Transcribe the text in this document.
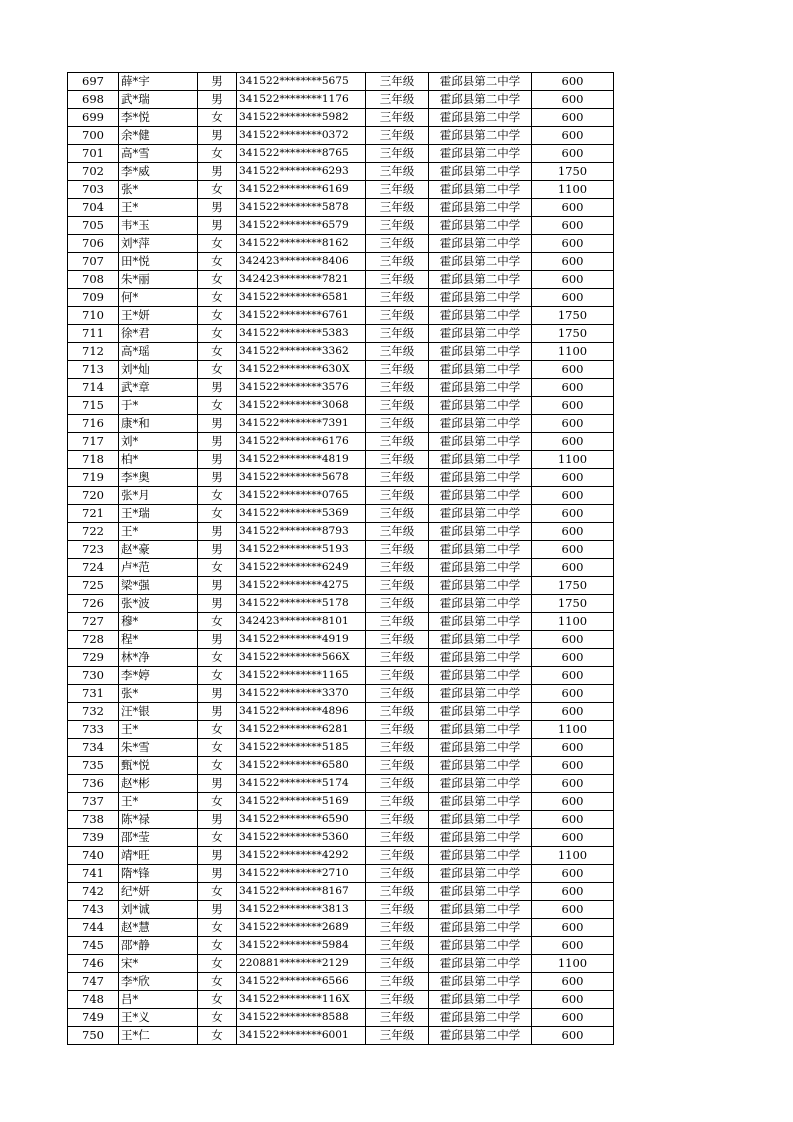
697	薛*宇	男	341522********5675	三年级	霍邱县第二中学	600
698	武*瑞	男	341522********1176	三年级	霍邱县第二中学	600
699	李*悦	女	341522********5982	三年级	霍邱县第二中学	600
700	余*健	男	341522********0372	三年级	霍邱县第二中学	600
701	高*雪	女	341522********8765	三年级	霍邱县第二中学	600
702	李*威	男	341522********6293	三年级	霍邱县第二中学	1750
703	张*	女	341522********6169	三年级	霍邱县第二中学	1100
704	王*	男	341522********5878	三年级	霍邱县第二中学	600
705	韦*玉	男	341522********6579	三年级	霍邱县第二中学	600
706	刘*萍	女	341522********8162	三年级	霍邱县第二中学	600
707	田*悦	女	342423********8406	三年级	霍邱县第二中学	600
708	朱*丽	女	342423********7821	三年级	霍邱县第二中学	600
709	何*	女	341522********6581	三年级	霍邱县第二中学	600
710	王*妍	女	341522********6761	三年级	霍邱县第二中学	1750
711	徐*君	女	341522********5383	三年级	霍邱县第二中学	1750
712	高*瑶	女	341522********3362	三年级	霍邱县第二中学	1100
713	刘*灿	女	341522********630X	三年级	霍邱县第二中学	600
714	武*章	男	341522********3576	三年级	霍邱县第二中学	600
715	于*	女	341522********3068	三年级	霍邱县第二中学	600
716	康*和	男	341522********7391	三年级	霍邱县第二中学	600
717	刘*	男	341522********6176	三年级	霍邱县第二中学	600
718	柏*	男	341522********4819	三年级	霍邱县第二中学	1100
719	李*奥	男	341522********5678	三年级	霍邱县第二中学	600
720	张*月	女	341522********0765	三年级	霍邱县第二中学	600
721	王*瑞	女	341522********5369	三年级	霍邱县第二中学	600
722	王*	男	341522********8793	三年级	霍邱县第二中学	600
723	赵*豪	男	341522********5193	三年级	霍邱县第二中学	600
724	卢*范	女	341522********6249	三年级	霍邱县第二中学	600
725	梁*强	男	341522********4275	三年级	霍邱县第二中学	1750
726	张*波	男	341522********5178	三年级	霍邱县第二中学	1750
727	穆*	女	342423********8101	三年级	霍邱县第二中学	1100
728	程*	男	341522********4919	三年级	霍邱县第二中学	600
729	林*净	女	341522********566X	三年级	霍邱县第二中学	600
730	李*婷	女	341522********1165	三年级	霍邱县第二中学	600
731	张*	男	341522********3370	三年级	霍邱县第二中学	600
732	汪*银	男	341522********4896	三年级	霍邱县第二中学	600
733	王*	女	341522********6281	三年级	霍邱县第二中学	1100
734	朱*雪	女	341522********5185	三年级	霍邱县第二中学	600
735	甄*悦	女	341522********6580	三年级	霍邱县第二中学	600
736	赵*彬	男	341522********5174	三年级	霍邱县第二中学	600
737	王*	女	341522********5169	三年级	霍邱县第二中学	600
738	陈*禄	男	341522********6590	三年级	霍邱县第二中学	600
739	邵*莹	女	341522********5360	三年级	霍邱县第二中学	600
740	靖*旺	男	341522********4292	三年级	霍邱县第二中学	1100
741	隋*锋	男	341522********2710	三年级	霍邱县第二中学	600
742	纪*妍	女	341522********8167	三年级	霍邱县第二中学	600
743	刘*诚	男	341522********3813	三年级	霍邱县第二中学	600
744	赵*慧	女	341522********2689	三年级	霍邱县第二中学	600
745	邵*静	女	341522********5984	三年级	霍邱县第二中学	600
746	宋*	女	220881********2129	三年级	霍邱县第二中学	1100
747	李*欣	女	341522********6566	三年级	霍邱县第二中学	600
748	吕*	女	341522********116X	三年级	霍邱县第二中学	600
749	王*义	女	341522********8588	三年级	霍邱县第二中学	600
750	王*仁	女	341522********6001	三年级	霍邱县第二中学	600
